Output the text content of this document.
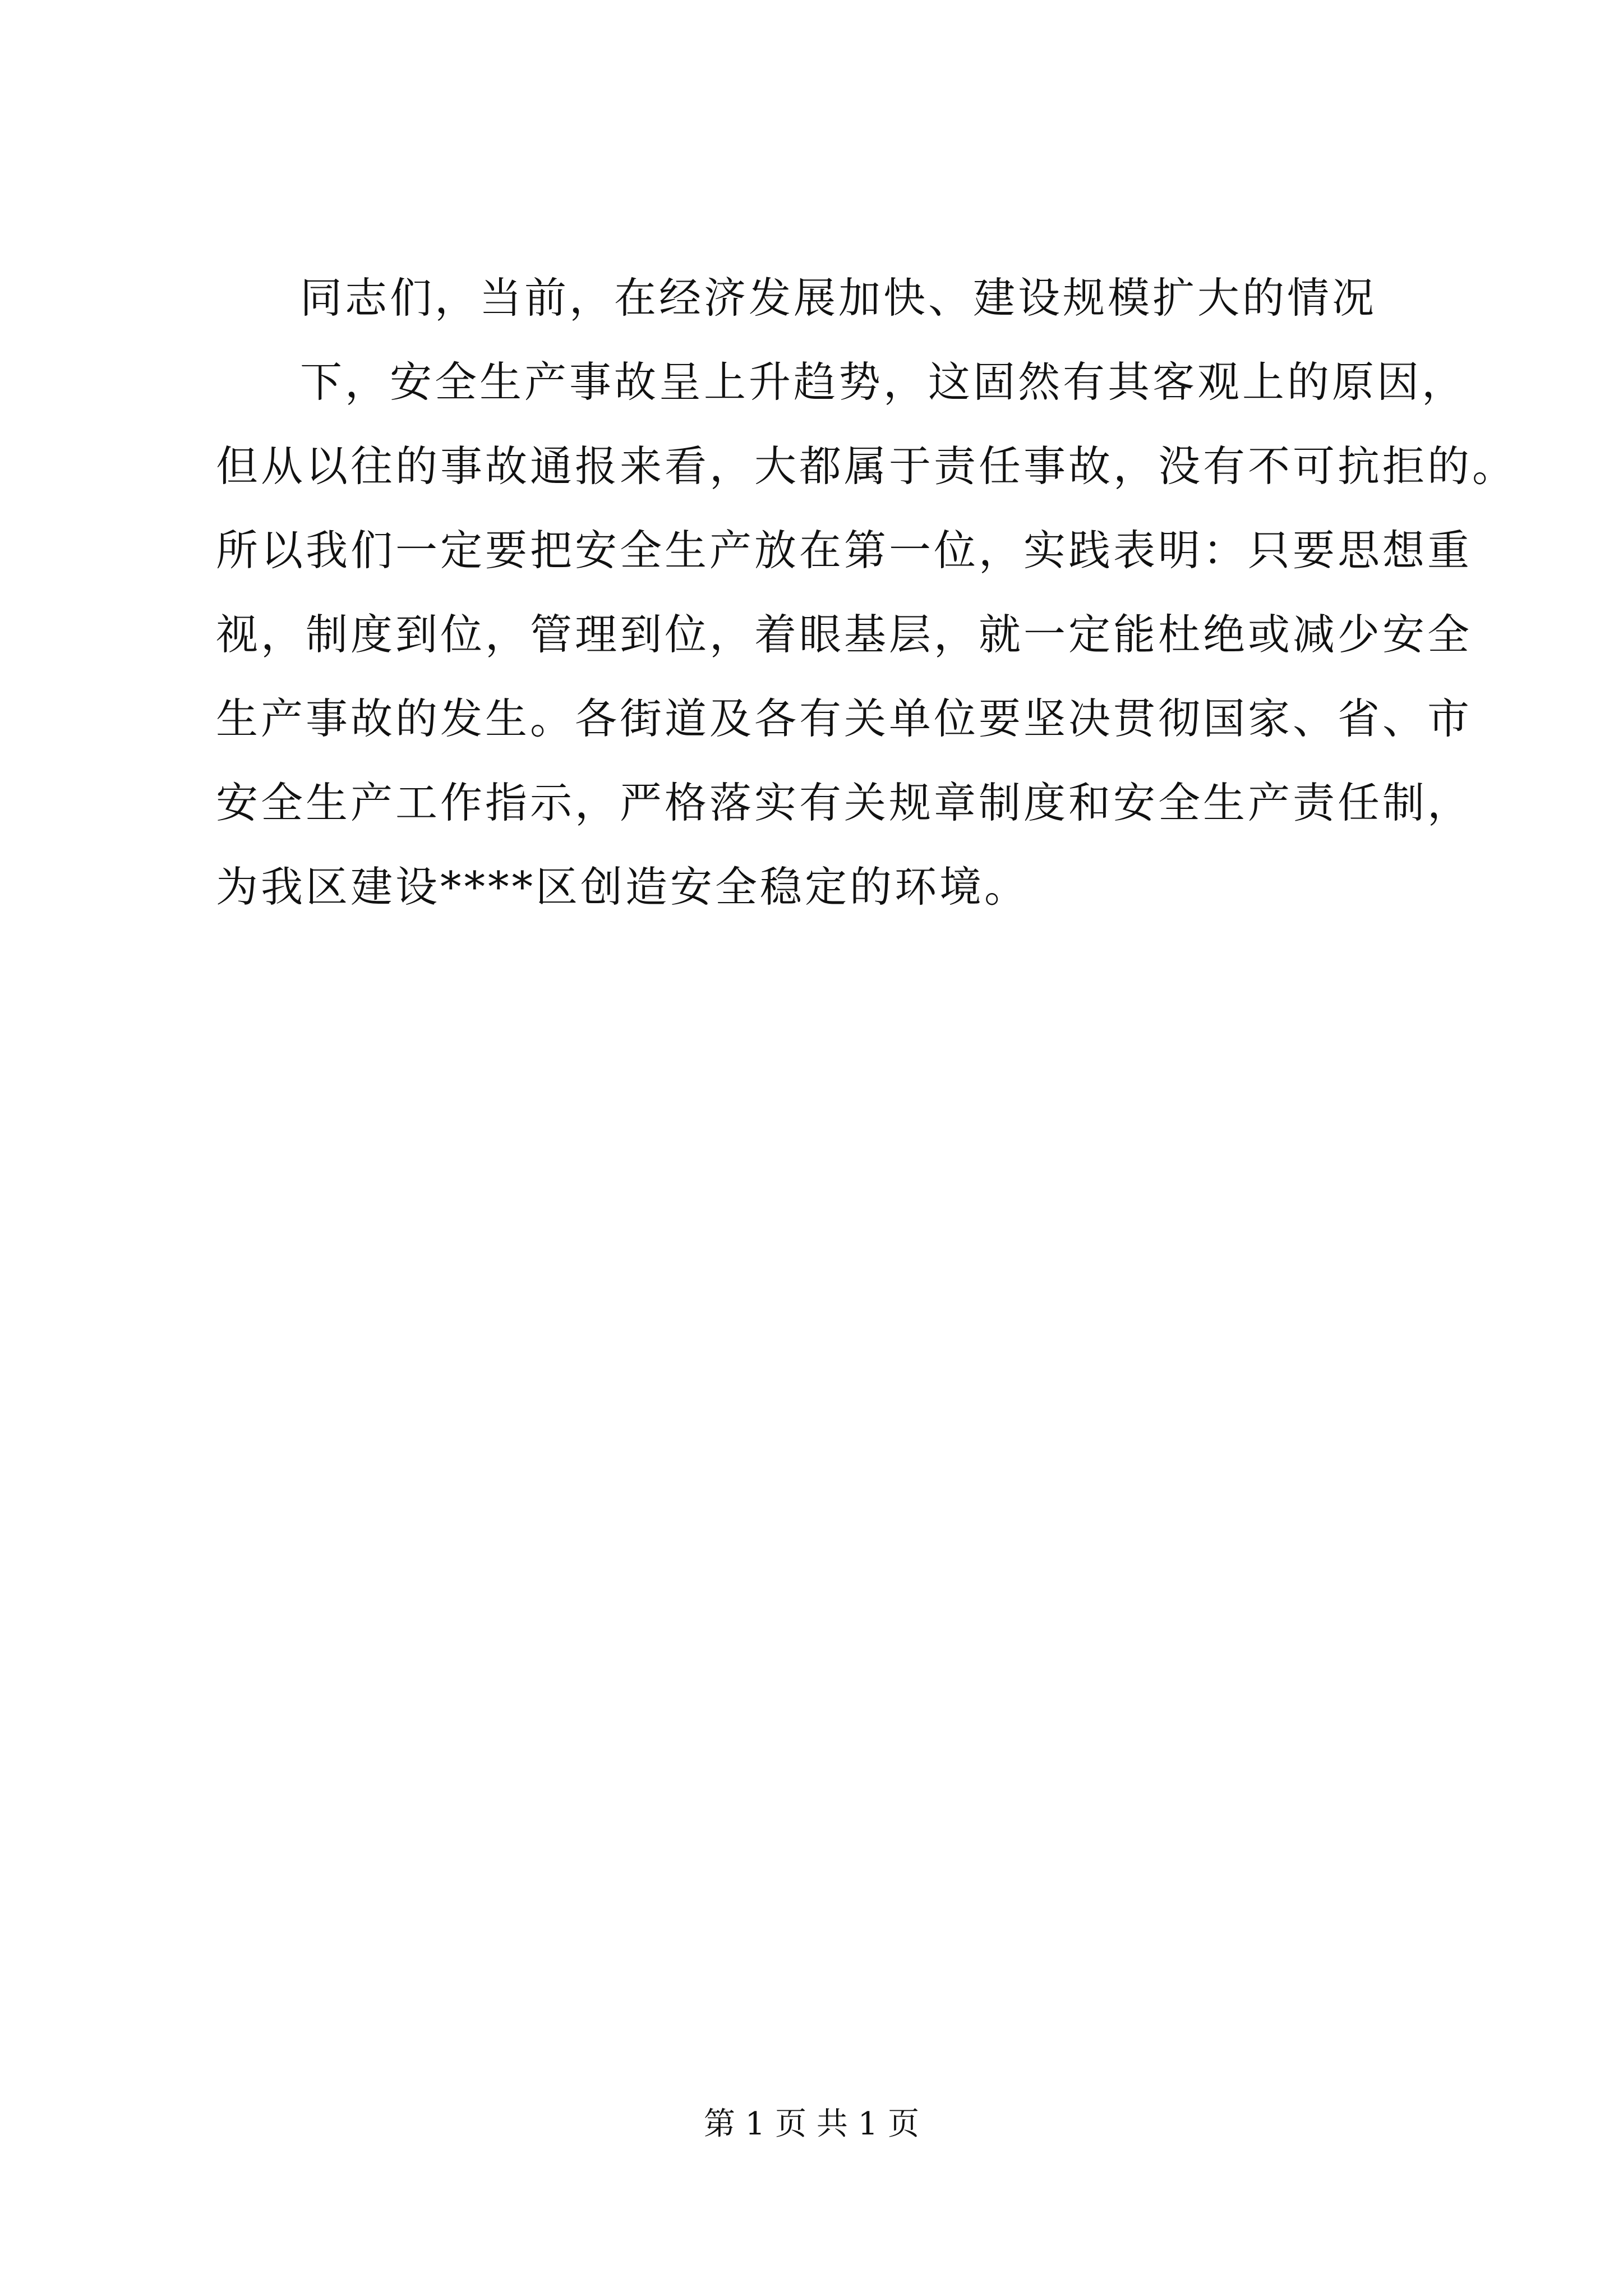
同志们，当前，在经济发展加快、建设规模扩大的情况
下，安全生产事故呈上升趋势，这固然有其客观上的原因，
但从以往的事故通报来看，大都属于责任事故，没有不可抗拒的。
所以我们一定要把安全生产放在第一位，实践表明：只要思想重
视，制度到位，管理到位，着眼基层，就一定能杜绝或减少安全
生产事故的发生。各街道及各有关单位要坚决贯彻国家、省、市
安全生产工作指示，严格落实有关规章制度和安全生产责任制，
为我区建设****区创造安全稳定的环境。
第 1 页 共 1 页
